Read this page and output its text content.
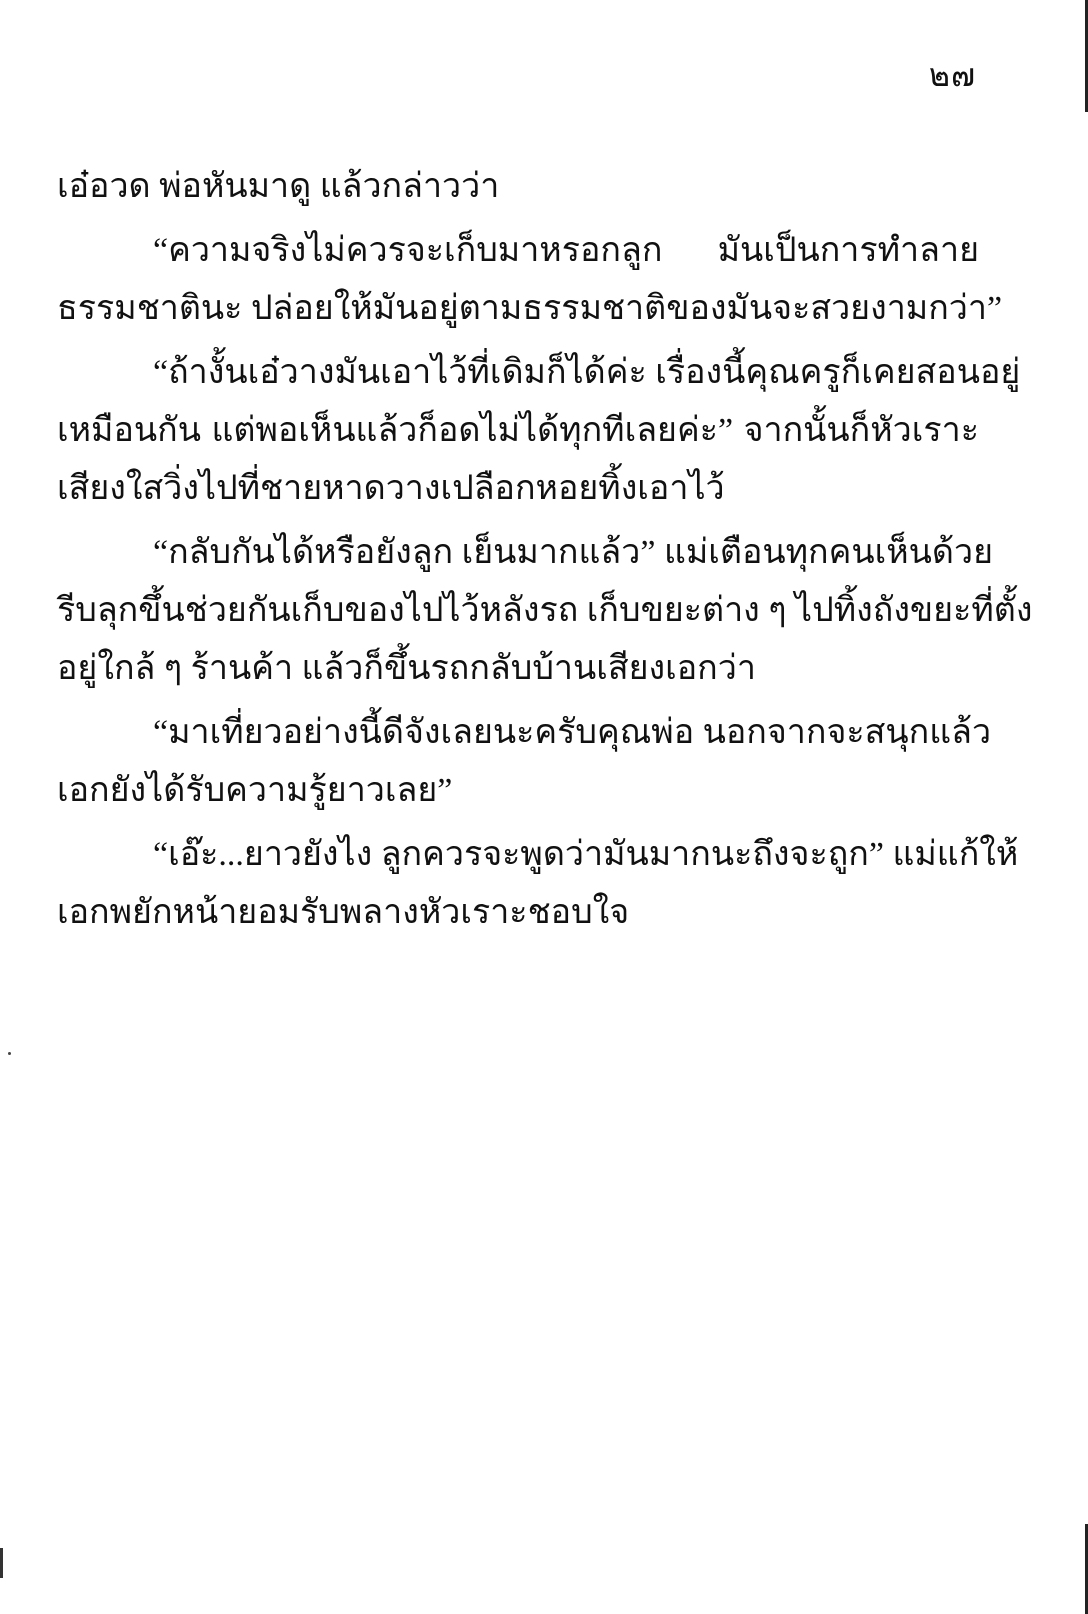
๒๗
เอ๋อวด พ่อหันมาดู แล้วกล่าวว่า
“ความจริงไม่ควรจะเก็บมาหรอกลูก มันเป็นการทำลาย
ธรรมชาตินะ ปล่อยให้มันอยู่ตามธรรมชาติของมันจะสวยงามกว่า”
“ถ้างั้นเอ๋วางมันเอาไว้ที่เดิมก็ได้ค่ะ เรื่องนี้คุณครูก็เคยสอนอยู่
เหมือนกัน แต่พอเห็นแล้วก็อดไม่ได้ทุกทีเลยค่ะ” จากนั้นก็หัวเราะ
เสียงใสวิ่งไปที่ชายหาดวางเปลือกหอยทิ้งเอาไว้
“กลับกันได้หรือยังลูก เย็นมากแล้ว” แม่เตือนทุกคนเห็นด้วย
รีบลุกขึ้นช่วยกันเก็บของไปไว้หลังรถ เก็บขยะต่าง ๆ ไปทิ้งถังขยะที่ตั้ง
อยู่ใกล้ ๆ ร้านค้า แล้วก็ขึ้นรถกลับบ้านเสียงเอกว่า
“มาเที่ยวอย่างนี้ดีจังเลยนะครับคุณพ่อ นอกจากจะสนุกแล้ว
เอกยังได้รับความรู้ยาวเลย”
“เอ๊ะ...ยาวยังไง ลูกควรจะพูดว่ามันมากนะถึงจะถูก” แม่แก้ให้
เอกพยักหน้ายอมรับพลางหัวเราะชอบใจ
